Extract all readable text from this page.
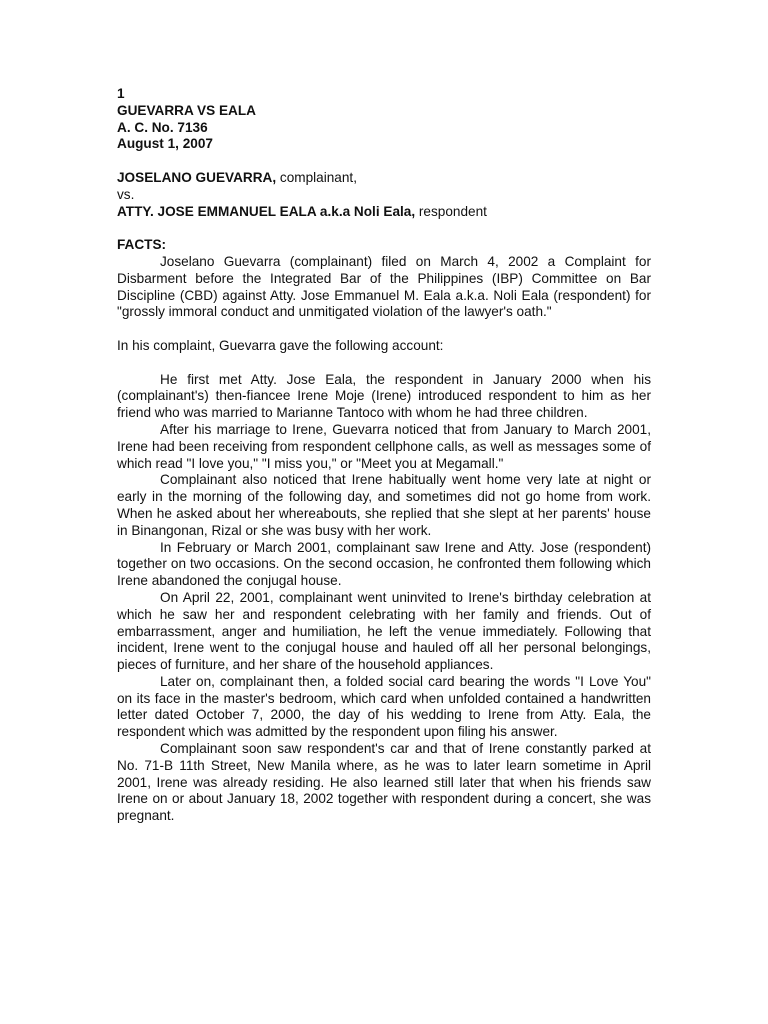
1

GUEVARRA VS EALA

A. C. No. 7136

August 1, 2007

JOSELANO GUEVARRA, complainant,

vs.

ATTY. JOSE EMMANUEL EALA a.k.a Noli Eala, respondent

FACTS:

Joselano Guevarra (complainant) filed on March 4, 2002 a Complaint for Disbarment before the Integrated Bar of the Philippines (IBP) Committee on Bar Discipline (CBD) against Atty. Jose Emmanuel M. Eala a.k.a. Noli Eala (respondent) for "grossly immoral conduct and unmitigated violation of the lawyer's oath."

In his complaint, Guevarra gave the following account:

He first met Atty. Jose Eala, the respondent in January 2000 when his (complainant's) then-fiancee Irene Moje (Irene) introduced respondent to him as her friend who was married to Marianne Tantoco with whom he had three children.

After his marriage to Irene, Guevarra noticed that from January to March 2001, Irene had been receiving from respondent cellphone calls, as well as messages some of which read "I love you," "I miss you," or "Meet you at Megamall."

Complainant also noticed that Irene habitually went home very late at night or early in the morning of the following day, and sometimes did not go home from work. When he asked about her whereabouts, she replied that she slept at her parents' house in Binangonan, Rizal or she was busy with her work.

In February or March 2001, complainant saw Irene and Atty. Jose (respondent) together on two occasions. On the second occasion, he confronted them following which Irene abandoned the conjugal house.

On April 22, 2001, complainant went uninvited to Irene's birthday celebration at which he saw her and respondent celebrating with her family and friends. Out of embarrassment, anger and humiliation, he left the venue immediately. Following that incident, Irene went to the conjugal house and hauled off all her personal belongings, pieces of furniture, and her share of the household appliances.

Later on, complainant then, a folded social card bearing the words "I Love You" on its face in the master's bedroom, which card when unfolded contained a handwritten letter dated October 7, 2000, the day of his wedding to Irene from Atty. Eala, the respondent which was admitted by the respondent upon filing his answer.

Complainant soon saw respondent's car and that of Irene constantly parked at No. 71-B 11th Street, New Manila where, as he was to later learn sometime in April 2001, Irene was already residing. He also learned still later that when his friends saw Irene on or about January 18, 2002 together with respondent during a concert, she was pregnant.
